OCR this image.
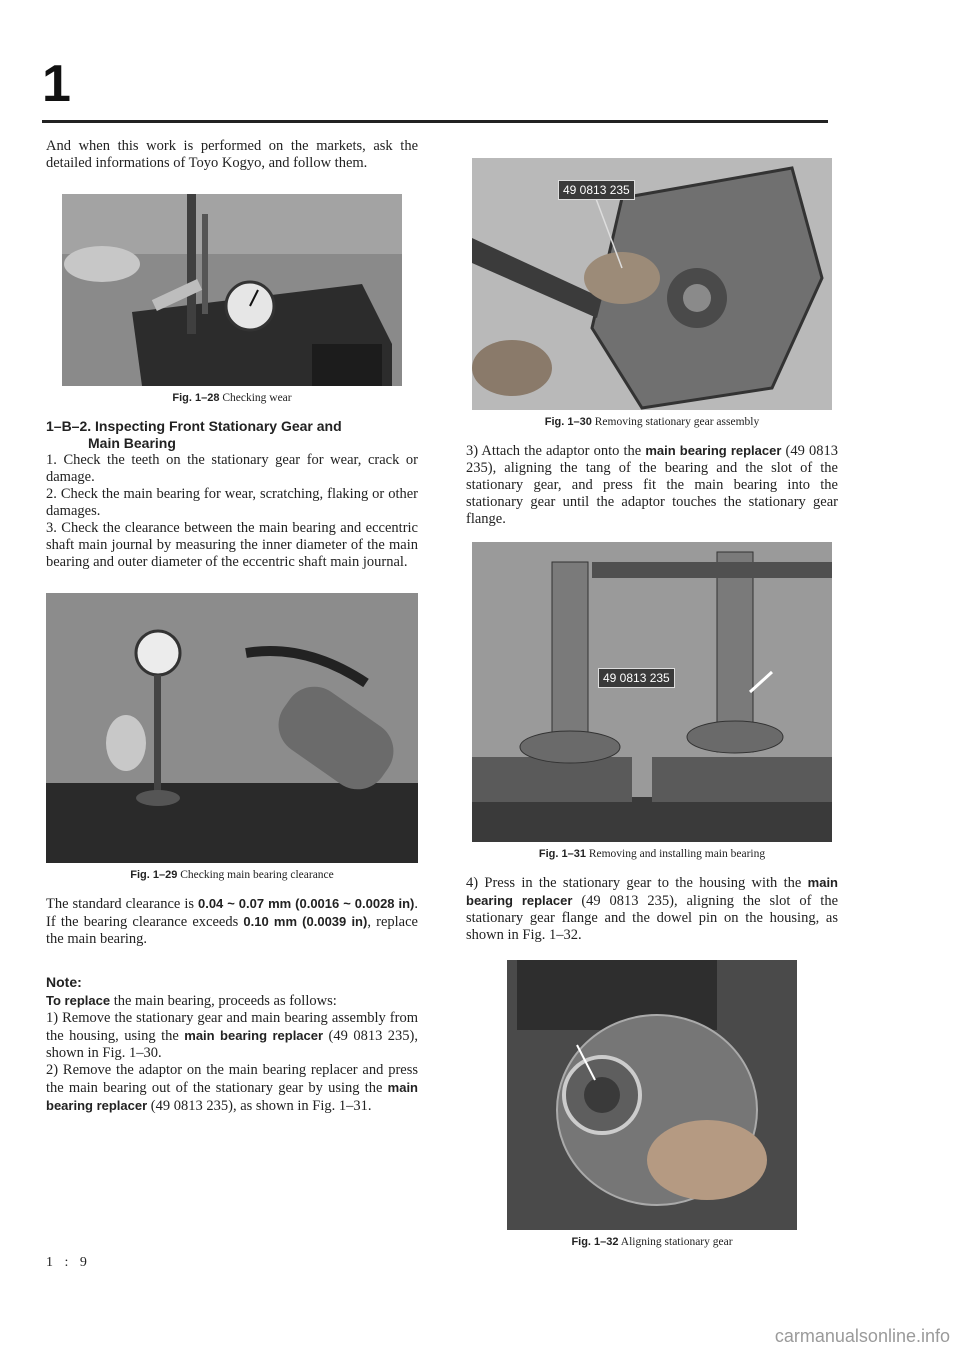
1

And when this work is performed on the markets, ask the detailed informations of Toyo Kogyo, and follow them.

Fig. 1–28 Checking wear

1–B–2. Inspecting Front Stationary Gear and

Main Bearing

1. Check the teeth on the stationary gear for wear, crack or damage.

2. Check the main bearing for wear, scratching, flaking or other damages.

3. Check the clearance between the main bearing and eccentric shaft main journal by measuring the inner diameter of the main bearing and outer diameter of the eccentric shaft main journal.

Fig. 1–29 Checking main bearing clearance

The standard clearance is 0.04 ~ 0.07 mm (0.0016 ~ 0.0028 in). If the bearing clearance exceeds 0.10 mm (0.0039 in), replace the main bearing.

Note:

To replace the main bearing, proceeds as follows:

1) Remove the stationary gear and main bearing assembly from the housing, using the main bearing replacer (49 0813 235), shown in Fig. 1–30.

2) Remove the adaptor on the main bearing replacer and press the main bearing out of the stationary gear by using the main bearing replacer (49 0813 235), as shown in Fig. 1–31.

49 0813 235
Fig. 1–30 Removing stationary gear assembly

3) Attach the adaptor onto the main bearing replacer (49 0813 235), aligning the tang of the bearing and the slot of the stationary gear, and press fit the main bearing into the stationary gear until the adaptor touches the stationary gear flange.

49 0813 235
Fig. 1–31 Removing and installing main bearing

4) Press in the stationary gear to the housing with the main bearing replacer (49 0813 235), aligning the slot of the stationary gear flange and the dowel pin on the housing, as shown in Fig. 1–32.

Fig. 1–32 Aligning stationary gear
1 : 9
carmanualsonline.info
